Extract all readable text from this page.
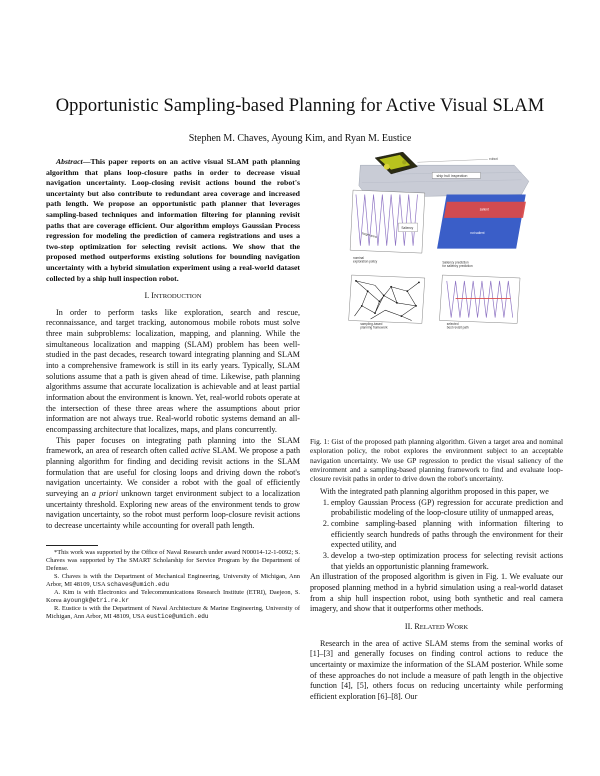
Opportunistic Sampling-based Planning for Active Visual SLAM
Stephen M. Chaves, Ayoung Kim, and Ryan M. Eustice

Abstract—This paper reports on an active visual SLAM path planning algorithm that plans loop-closure paths in order to decrease visual navigation uncertainty. Loop-closing revisit actions bound the robot's uncertainty but also contribute to redundant area coverage and increased path length. We propose an opportunistic path planner that leverages sampling-based techniques and information filtering for planning revisit paths that are coverage efficient. Our algorithm employs Gaussian Process regression for modeling the prediction of camera registrations and uses a two-step optimization for selecting revisit actions. We show that the proposed method outperforms existing solutions for bounding navigation uncertainty with a hybrid simulation experiment using a real-world dataset collected by a ship hull inspection robot.

I. INTRODUCTION

In order to perform tasks like exploration, search and rescue, reconnaissance, and target tracking, autonomous mobile robots must solve three main subproblems: localization, mapping, and planning. While the simultaneous localization and mapping (SLAM) problem has been well-studied in the past decades, research toward integrating planning and SLAM into a comprehensive framework is still in its early years. Typically, SLAM solutions assume that a path is given ahead of time. Likewise, path planning algorithms assume that accurate localization is achievable and at least partial information about the environment is known. Yet, real-world robots operate at the intersection of these three areas where the assumptions about prior information are not always true. Real-world robotic systems demand an all-encompassing architecture that localizes, maps, and plans concurrently.

This paper focuses on integrating path planning into the SLAM framework, an area of research often called active SLAM. We propose a path planning algorithm for finding and deciding revisit actions in the SLAM formulation that are useful for closing loops and driving down the robot's navigation uncertainty. We consider a robot with the goal of efficiently surveying an a priori unknown target environment subject to a localization uncertainty threshold. Exploring new areas of the environment tends to grow navigation uncertainty, so the robot must perform loop-closure revisit actions to decrease uncertainty while accounting for overall path length.

*This work was supported by the Office of Naval Research under award N00014-12-1-0092; S. Chaves was supported by The SMART Scholarship for Service Program by the Department of Defense.

S. Chaves is with the Department of Mechanical Engineering, University of Michigan, Ann Arbor, MI 48109, USA schaves@umich.edu

A. Kim is with Electronics and Telecommunications Research Institute (ETRI), Daejeon, S. Korea ayoungk@etri.re.kr

R. Eustice is with the Department of Naval Architecture & Marine Engineering, University of Michigan, Ann Arbor, MI 48109, USA eustice@umich.edu

robot
ship hull inspection
target area
nominal exploration policy
Saliency
salient
not salient
Saliency prediction for saliency prediction
sampling-based planning framework
selected best revisit path
Fig. 1: Gist of the proposed path planning algorithm. Given a target area and nominal exploration policy, the robot explores the environment subject to an acceptable navigation uncertainty. We use GP regression to predict the visual saliency of the environment and a sampling-based planning framework to find and evaluate loop-closure revisit paths in order to drive down the robot's uncertainty.

With the integrated path planning algorithm proposed in this paper, we

1. employ Gaussian Process (GP) regression for accurate prediction and probabilistic modeling of the loop-closure utility of unmapped areas,
2. combine sampling-based planning with information filtering to efficiently search hundreds of paths through the environment for their expected utility, and
3. develop a two-step optimization process for selecting revisit actions that yields an opportunistic planning framework.

An illustration of the proposed algorithm is given in Fig. 1. We evaluate our proposed planning method in a hybrid simulation using a real-world dataset from a ship hull inspection robot, using both synthetic and real camera imagery, and show that it outperforms other methods.

II. RELATED WORK

Research in the area of active SLAM stems from the seminal works of [1]–[3] and generally focuses on finding control actions to reduce the uncertainty or maximize the information of the SLAM posterior. While some of these approaches do not include a measure of path length in the objective function [4], [5], others focus on reducing uncertainty while performing efficient exploration [6]–[8]. Our
